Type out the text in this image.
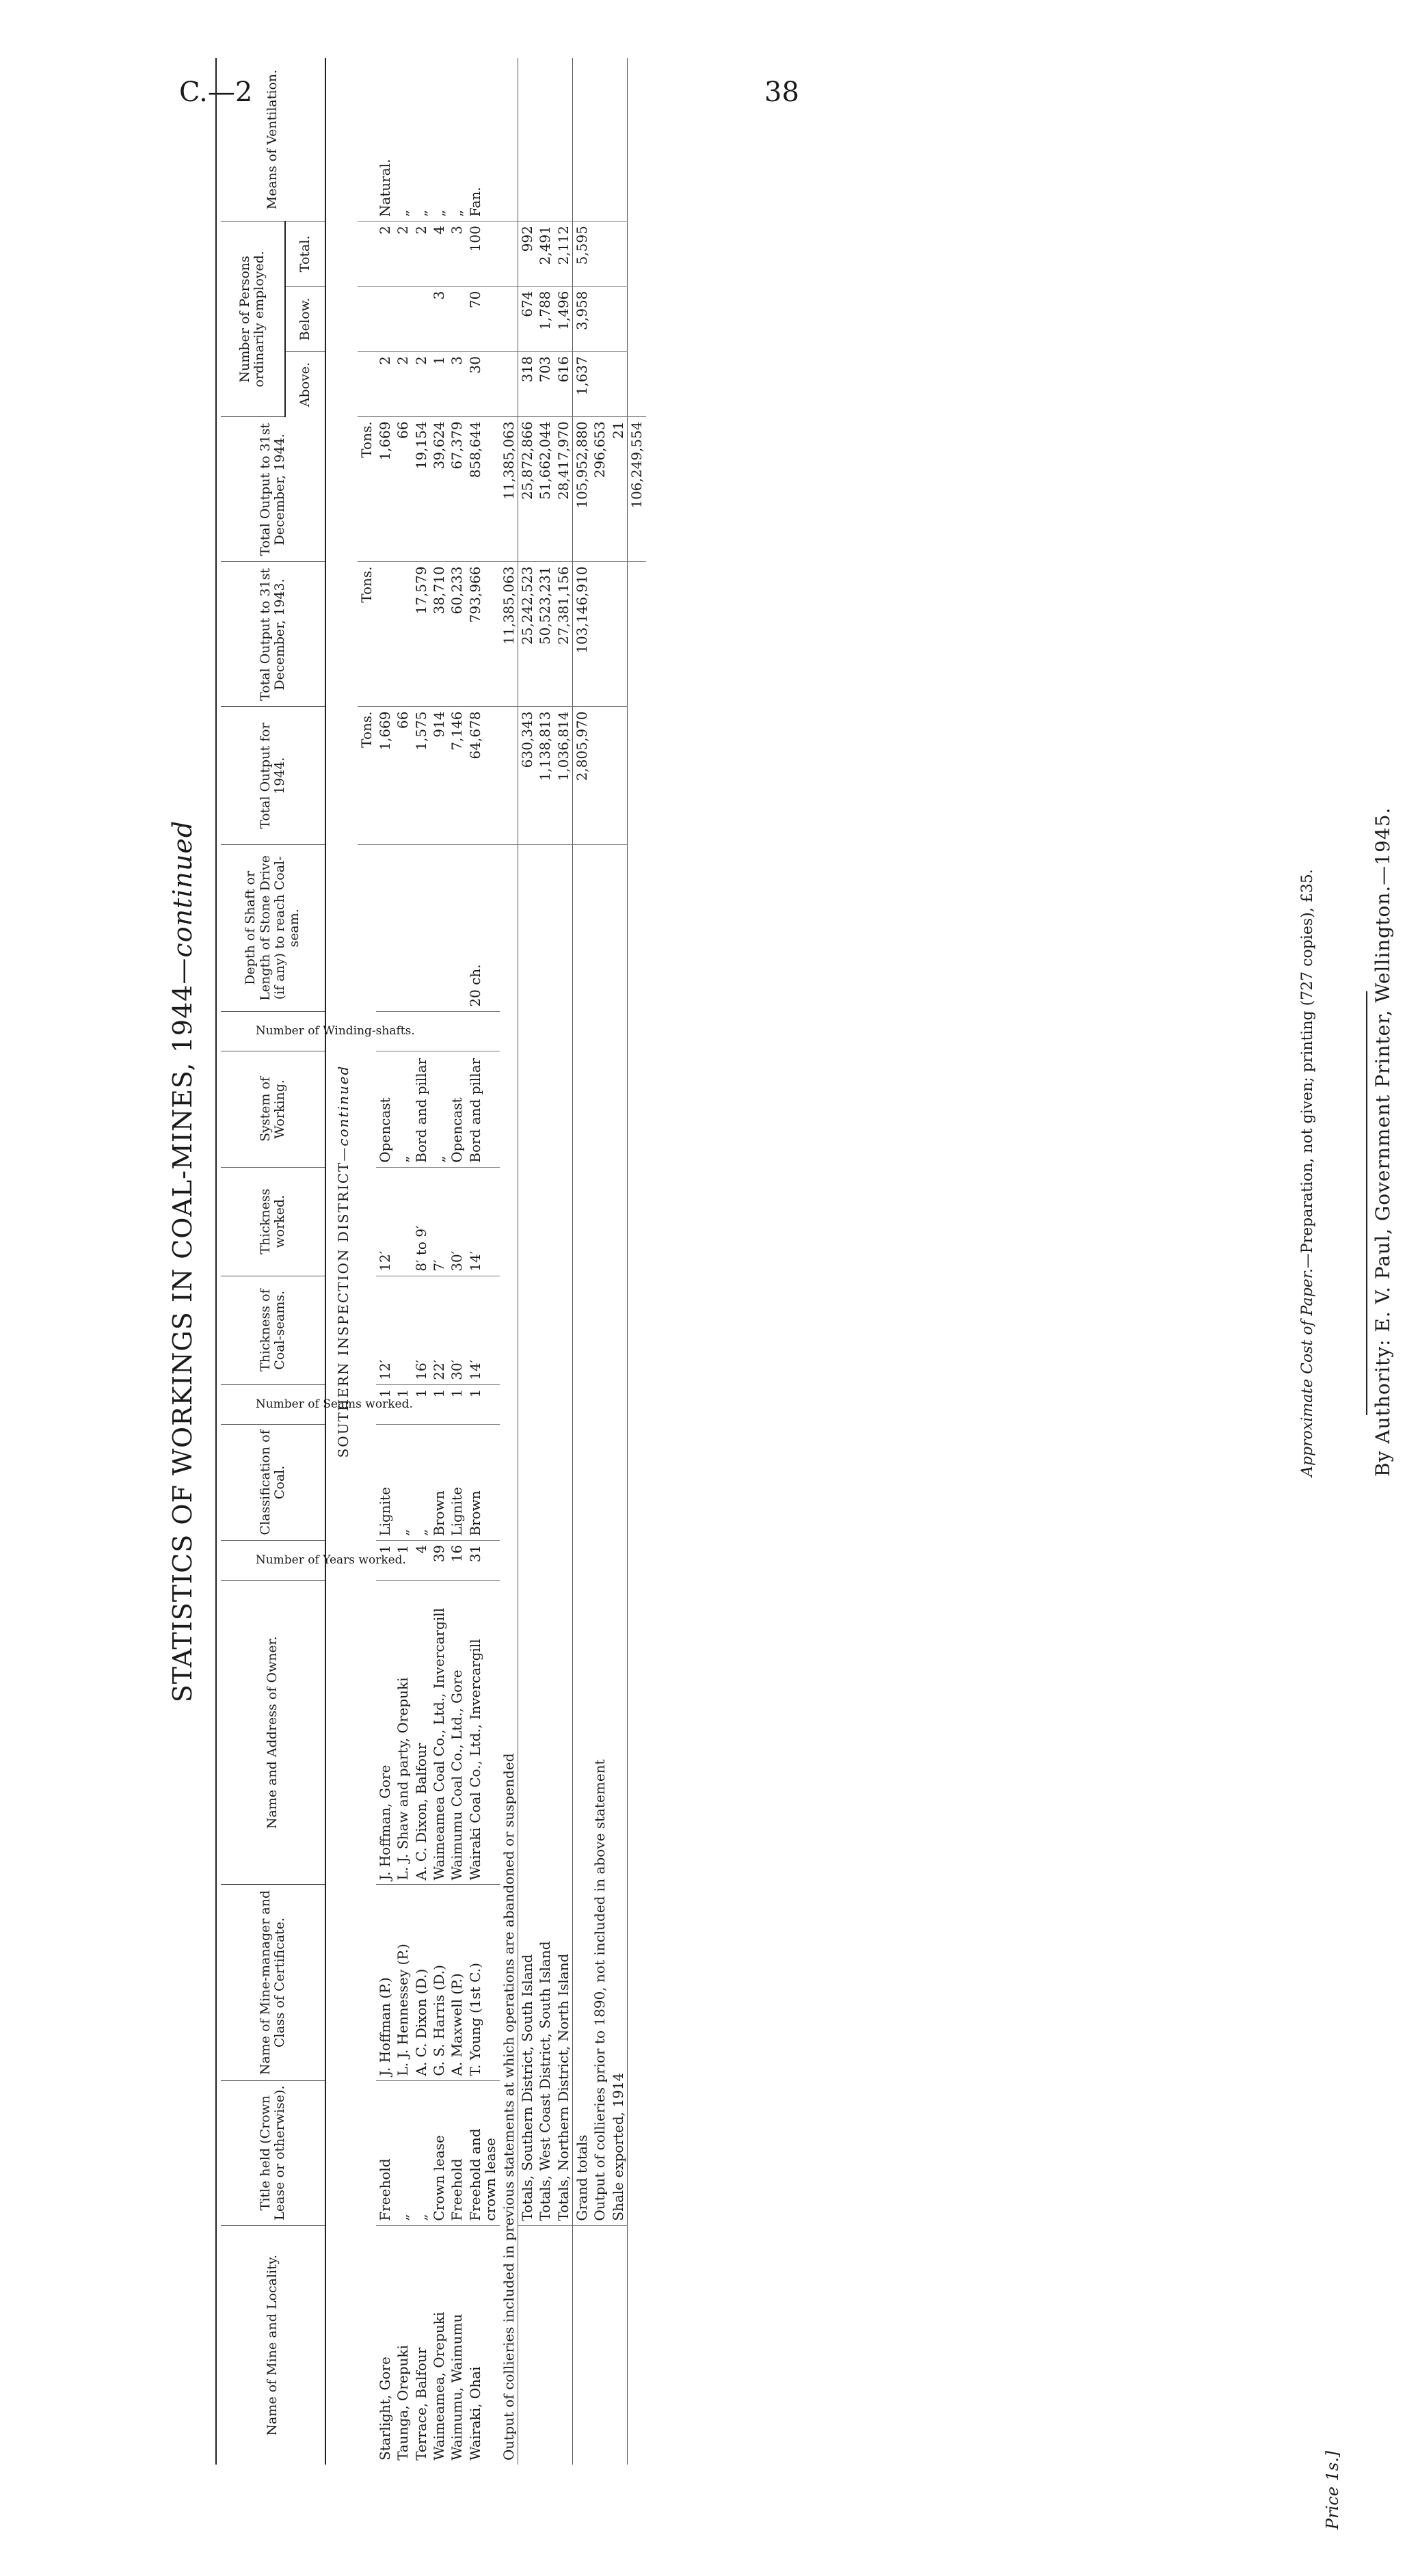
C.—2	38
STATISTICS OF WORKINGS IN COAL-MINES, 1944—continued
Name of Mine and Locality.	Title held (Crown Lease or otherwise).	Name of Mine-manager and Class of Certificate.	Name and Address of Owner.	Number of Years worked.	Classification of Coal.	Number of Seams worked.	Thickness of Coal-seams.	Thickness worked.	System of Working.	Number of Winding-shafts.	Depth of Shaft or Length of Stone Drive (if any) to reach Coal-seam.	Total Output for 1944.	Total Output to 31st December, 1943.	Total Output to 31st December, 1944.	Number of Persons ordinarily employed.			Means of Ventilation.
															Above.	Below.	Total.	
SOUTHERN INSPECTION DISTRICT—continued																		
												Tons.	Tons.	Tons.				
Starlight, Gore	Freehold	J. Hoffman (P.)	J. Hoffman, Gore	1	Lignite	1	12′	12′	Opencast			1,669		1,669	2		2	Natural.
Taunga, Orepuki	„	L. J. Hennessey (P.)	L. J. Shaw and party, Orepuki	1	„	1			„			66		66	2		2	„
Terrace, Balfour	„	A. C. Dixon (D.)	A. C. Dixon, Balfour	4	„	1	16′	8′ to 9′	Bord and pillar			1,575	17,579	19,154	2		2	„
Waimeamea, Orepuki	Crown lease	G. S. Harris (D.)	Waimeamea Coal Co., Ltd., Invercargill	39	Brown	1	22′	7′	„			914	38,710	39,624	1	3	4	„
Waimumu, Waimumu	Freehold	A. Maxwell (P.)	Waimumu Coal Co., Ltd., Gore	16	Lignite	1	30′	30′	Opencast			7,146	60,233	67,379	3		3	„
Wairaki, Ohai	Freehold and crown lease	T. Young (1st C.)	Wairaki Coal Co., Ltd., Invercargill	31	Brown	1	14′	14′	Bord and pillar		20 ch.	64,678	793,966	858,644	30	70	100	Fan.
Output of collieries included in previous statements at which operations are abandoned or suspended													11,385,063	11,385,063				
	Totals, Southern District, South Island											630,343	25,242,523	25,872,866	318	674	992	
	Totals, West Coast District, South Island											1,138,813	50,523,231	51,662,044	703	1,788	2,491	
	Totals, Northern District, North Island											1,036,814	27,381,156	28,417,970	616	1,496	2,112	
	Grand totals											2,805,970	103,146,910	105,952,880	1,637	3,958	5,595	
	Output of collieries prior to 1890, not included in above statement													296,653				
	Shale exported, 1914													21				
														106,249,554				
Approximate Cost of Paper.—Preparation, not given; printing (727 copies), £35.	By Authority: E. V. Paul, Government Printer, Wellington.—1945.
Price 1s.]
